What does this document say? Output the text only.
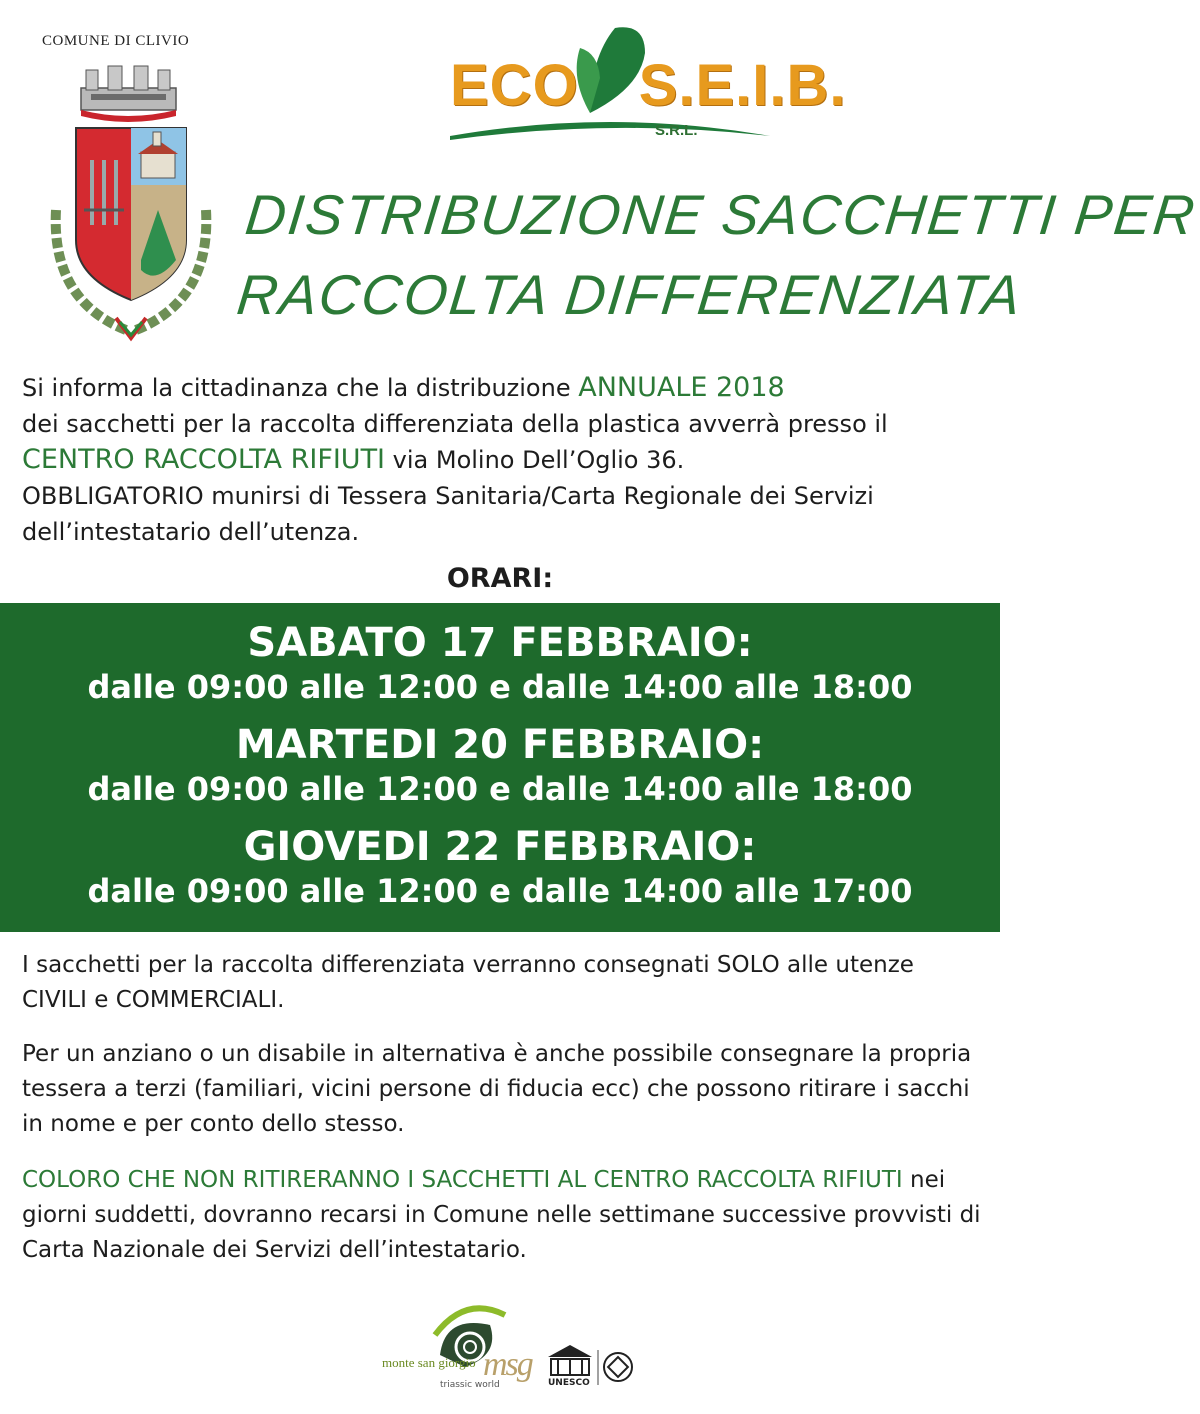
COMUNE DI CLIVIO
ECO S.E.I.B.
S.R.L.
DISTRIBUZIONE SACCHETTI PER
RACCOLTA DIFFERENZIATA
Si informa la cittadinanza che la distribuzione ANNUALE 2018
dei sacchetti per la raccolta differenziata della plastica avverrà presso il CENTRO RACCOLTA RIFIUTI via Molino Dell’Oglio 36.
OBBLIGATORIO munirsi di Tessera Sanitaria/Carta Regionale dei Servizi dell’intestatario dell’utenza.
ORARI:
SABATO 17 FEBBRAIO:
dalle 09:00 alle 12:00 e dalle 14:00 alle 18:00
MARTEDI 20 FEBBRAIO:
dalle 09:00 alle 12:00 e dalle 14:00 alle 18:00
GIOVEDI 22 FEBBRAIO:
dalle 09:00 alle 12:00 e dalle 14:00 alle 17:00
I sacchetti per la raccolta differenziata verranno consegnati SOLO alle utenze CIVILI e COMMERCIALI.
Per un anziano o un disabile in alternativa è anche possibile consegnare la propria tessera a terzi (familiari, vicini persone di fiducia ecc) che possono ritirare i sacchi in nome e per conto dello stesso.
COLORO CHE NON RITIRERANNO I SACCHETTI AL CENTRO RACCOLTA RIFIUTI nei giorni suddetti, dovranno recarsi in Comune nelle settimane successive provvisti di Carta Nazionale dei Servizi dell’intestatario.
monte san giorgio msg
triassic world	UNESCO
